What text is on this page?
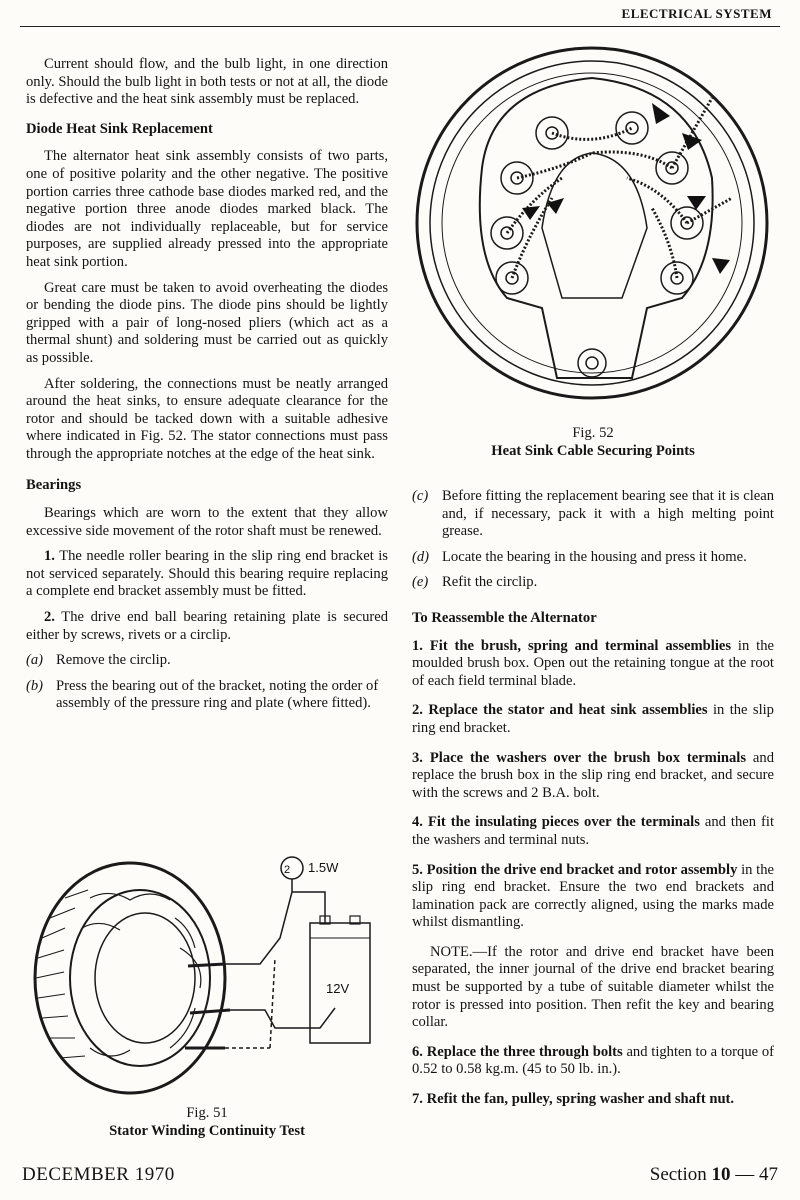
ELECTRICAL SYSTEM
Fig. 52
Heat Sink Cable Securing Points

Current should flow, and the bulb light, in one direction only. Should the bulb light in both tests or not at all, the diode is defective and the heat sink assembly must be replaced.

Diode Heat Sink Replacement

The alternator heat sink assembly consists of two parts, one of positive polarity and the other negative. The positive portion carries three cathode base diodes marked red, and the negative portion three anode diodes marked black. The diodes are not individually replaceable, but for service purposes, are supplied already pressed into the appropriate heat sink portion.

Great care must be taken to avoid overheating the diodes or bending the diode pins. The diode pins should be lightly gripped with a pair of long-nosed pliers (which act as a thermal shunt) and soldering must be carried out as quickly as possible.

After soldering, the connections must be neatly arranged around the heat sinks, to ensure adequate clearance for the rotor and should be tacked down with a suitable adhesive where indicated in Fig. 52. The stator connections must pass through the appropriate notches at the edge of the heat sink.

Bearings

Bearings which are worn to the extent that they allow excessive side movement of the rotor shaft must be renewed.

1. The needle roller bearing in the slip ring end bracket is not serviced separately. Should this bearing require replacing a complete end bracket assembly must be fitted.

2. The drive end ball bearing retaining plate is secured either by screws, rivets or a circlip.

(a) Remove the circlip.
(b) Press the bearing out of the bracket, noting the order of assembly of the pressure ring and plate (where fitted).
2 1.5W
12V
Fig. 51
Stator Winding Continuity Test
(c) Before fitting the replacement bearing see that it is clean and, if necessary, pack it with a high melting point grease.
(d) Locate the bearing in the housing and press it home.
(e) Refit the circlip.

To Reassemble the Alternator

1. Fit the brush, spring and terminal assemblies in the moulded brush box. Open out the retaining tongue at the root of each field terminal blade.

2. Replace the stator and heat sink assemblies in the slip ring end bracket.

3. Place the washers over the brush box terminals and replace the brush box in the slip ring end bracket, and secure with the screws and 2 B.A. bolt.

4. Fit the insulating pieces over the terminals and then fit the washers and terminal nuts.

5. Position the drive end bracket and rotor assembly in the slip ring end bracket. Ensure the two end brackets and lamination pack are correctly aligned, using the marks made whilst dismantling.

NOTE.—If the rotor and drive end bracket have been separated, the inner journal of the drive end bracket bearing must be supported by a tube of suitable diameter whilst the rotor is pressed into position. Then refit the key and bearing collar.

6. Replace the three through bolts and tighten to a torque of 0.52 to 0.58 kg.m. (45 to 50 lb. in.).

7. Refit the fan, pulley, spring washer and shaft nut.

DECEMBER 1970	Section 10 — 47
